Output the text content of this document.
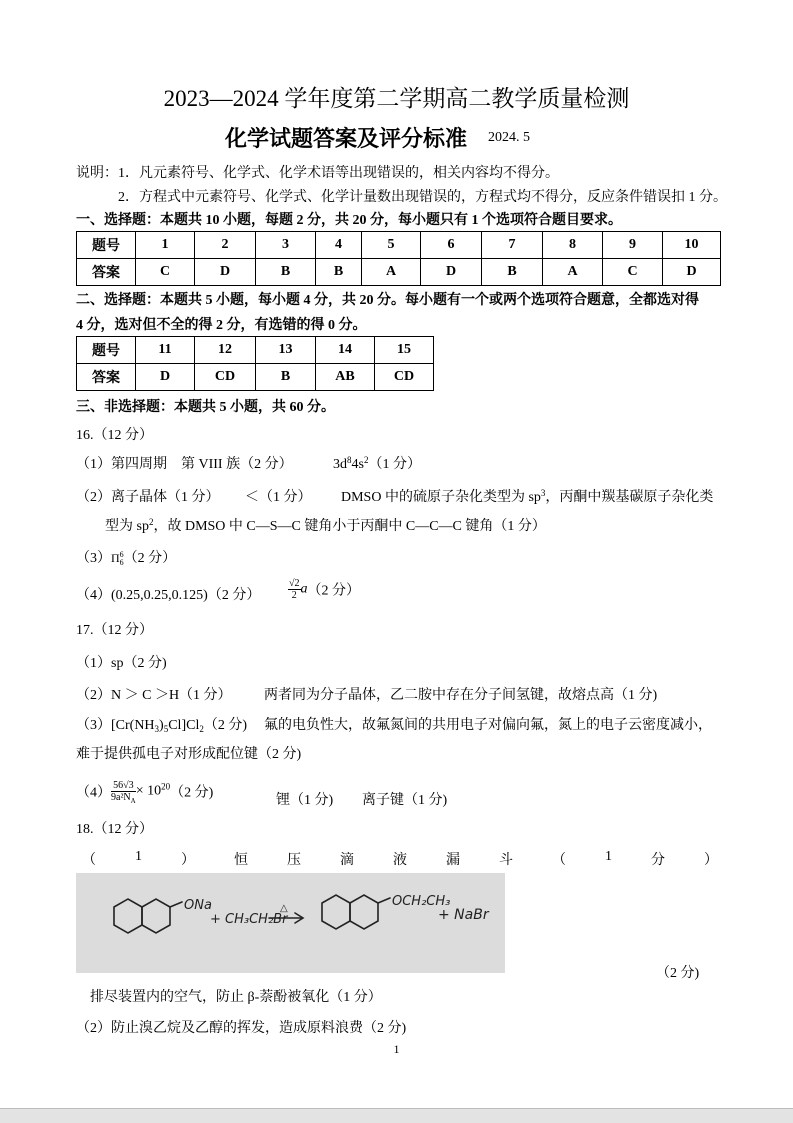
2023—2024 学年度第二学期高二教学质量检测
化学试题答案及评分标准 2024. 5
说明：1．凡元素符号、化学式、化学术语等出现错误的，相关内容均不得分。
2．方程式中元素符号、化学式、化学计量数出现错误的，方程式均不得分，反应条件错误扣 1 分。
一、选择题：本题共 10 小题，每题 2 分，共 20 分，每小题只有 1 个选项符合题目要求。
题号	1	2	3	4	5	6	7	8	9	10
答案	C	D	B	B	A	D	B	A	C	D
二、选择题：本题共 5 小题，每小题 4 分，共 20 分。每小题有一个或两个选项符合题意，全都选对得
4 分，选对但不全的得 2 分，有选错的得 0 分。
题号	11	12	13	14	15
答案	D	CD	B	AB	CD
三、非选择题：本题共 5 小题，共 60 分。
16.（12 分）
（1）第四周期　第 VIII 族（2 分）	$3d^84s^2(1$ 分）
（2）离子晶体（1 分） ＜（1 分） DMSO 中的硫原子杂化类型为 $sp^3$，丙酮中羰基碳原子杂化类
型为 $sp^2$，故 DMSO 中 C—S—C 键角小于丙酮中 C—C—C 键角（1 分）
（3）Π 6
6 （2 分）
（4）(0.25,0.25,0.125)（2 分）	$\frac{√2}{2} a(2$ 分）
17.（12 分）
（1）sp（2 分)
（2）N ＞ C ＞H（1 分） 两者同为分子晶体，乙二胺中存在分子间氢键，故熔点高（1 分)
$(3)[Cr(NH_3)_5Cl]Cl_2(2$ 分) 氟的电负性大，故氟氮间的共用电子对偏向氟，氮上的电子云密度减小，
难于提供孤电子对形成配位键（2 分)
$(4) \frac{56√3}{9a^2N_A} \times 10^{20}(2$ 分)	锂（1 分) 离子键（1 分)
18.（12 分）
（	1	）	恒	压	滴	液	漏	斗	（	1	分	）
ONa
+ CH₃CH₂Br
△	OCH₂CH₃
+ NaBr
（2 分)
排尽装置内的空气，防止 β-萘酚被氧化（1 分）
（2）防止溴乙烷及乙醇的挥发，造成原料浪费（2 分)
1
